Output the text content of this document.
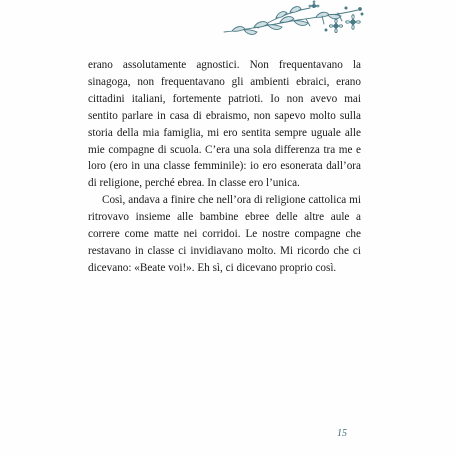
erano assolutamente agnostici. Non frequentavano la sinagoga, non frequentavano gli ambienti ebraici, erano cittadini italiani, fortemente patrioti. Io non avevo mai sentito parlare in casa di ebraismo, non sapevo molto sulla storia della mia famiglia, mi ero sentita sempre uguale alle mie compagne di scuola. C’era una sola differenza tra me e loro (ero in una classe femminile): io ero esonerata dall’ora di religione, perché ebrea. In classe ero l’unica.

Così, andava a finire che nell’ora di religione cattolica mi ritrovavo insieme alle bambine ebree delle altre aule a correre come matte nei corridoi. Le nostre compagne che restavano in classe ci invidiavano molto. Mi ricordo che ci dicevano: «Beate voi!». Eh sì, ci dicevano proprio così.

15
